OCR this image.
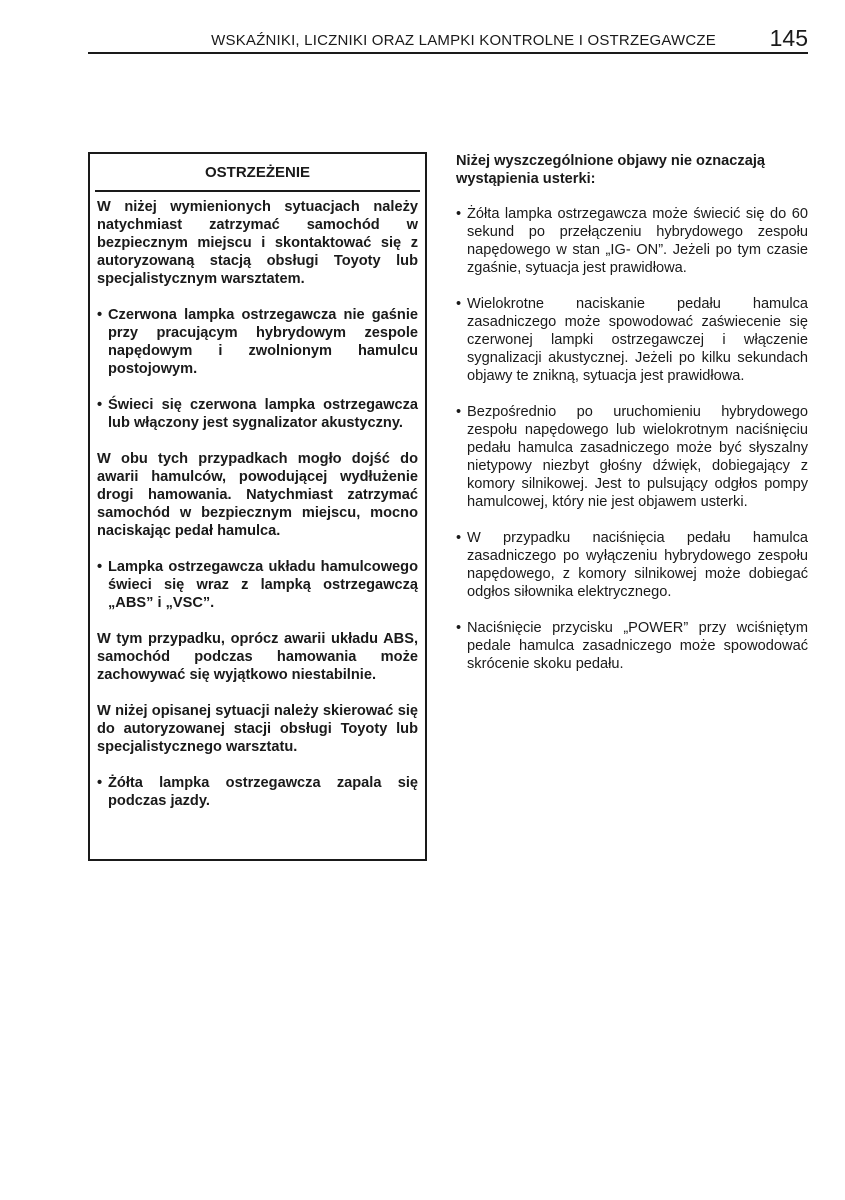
WSKAŹNIKI, LICZNIKI ORAZ LAMPKI KONTROLNE I OSTRZEGAWCZE 145
OSTRZEŻENIE

W niżej wymienionych sytuacjach należy natychmiast zatrzymać samochód w bezpiecznym miejscu i skontaktować się z autoryzowaną stacją obsługi Toyoty lub specjalistycznym warsztatem.

• Czerwona lampka ostrzegawcza nie gaśnie przy pracującym hybrydowym zespole napędowym i zwolnionym hamulcu postojowym.
• Świeci się czerwona lampka ostrzegawcza lub włączony jest sygnalizator akustyczny.

W obu tych przypadkach mogło dojść do awarii hamulców, powodującej wydłużenie drogi hamowania. Natychmiast zatrzymać samochód w bezpiecznym miejscu, mocno naciskając pedał hamulca.

• Lampka ostrzegawcza układu hamulcowego świeci się wraz z lampką ostrzegawczą „ABS” i „VSC”.

W tym przypadku, oprócz awarii układu ABS, samochód podczas hamowania może zachowywać się wyjątkowo niestabilnie.

W niżej opisanej sytuacji należy skierować się do autoryzowanej stacji obsługi Toyoty lub specjalistycznego warsztatu.

• Żółta lampka ostrzegawcza zapala się podczas jazdy.

Niżej wyszczególnione objawy nie oznaczają wystąpienia usterki:

• Żółta lampka ostrzegawcza może świecić się do 60 sekund po przełączeniu hybrydowego zespołu napędowego w stan „IG- ON”. Jeżeli po tym czasie zgaśnie, sytuacja jest prawidłowa.
• Wielokrotne naciskanie pedału hamulca zasadniczego może spowodować zaświecenie się czerwonej lampki ostrzegawczej i włączenie sygnalizacji akustycznej. Jeżeli po kilku sekundach objawy te znikną, sytuacja jest prawidłowa.
• Bezpośrednio po uruchomieniu hybrydowego zespołu napędowego lub wielokrotnym naciśnięciu pedału hamulca zasadniczego może być słyszalny nietypowy niezbyt głośny dźwięk, dobiegający z komory silnikowej. Jest to pulsujący odgłos pompy hamulcowej, który nie jest objawem usterki.
• W przypadku naciśnięcia pedału hamulca zasadniczego po wyłączeniu hybrydowego zespołu napędowego, z komory silnikowej może dobiegać odgłos siłownika elektrycznego.
• Naciśnięcie przycisku „POWER” przy wciśniętym pedale hamulca zasadniczego może spowodować skrócenie skoku pedału.
